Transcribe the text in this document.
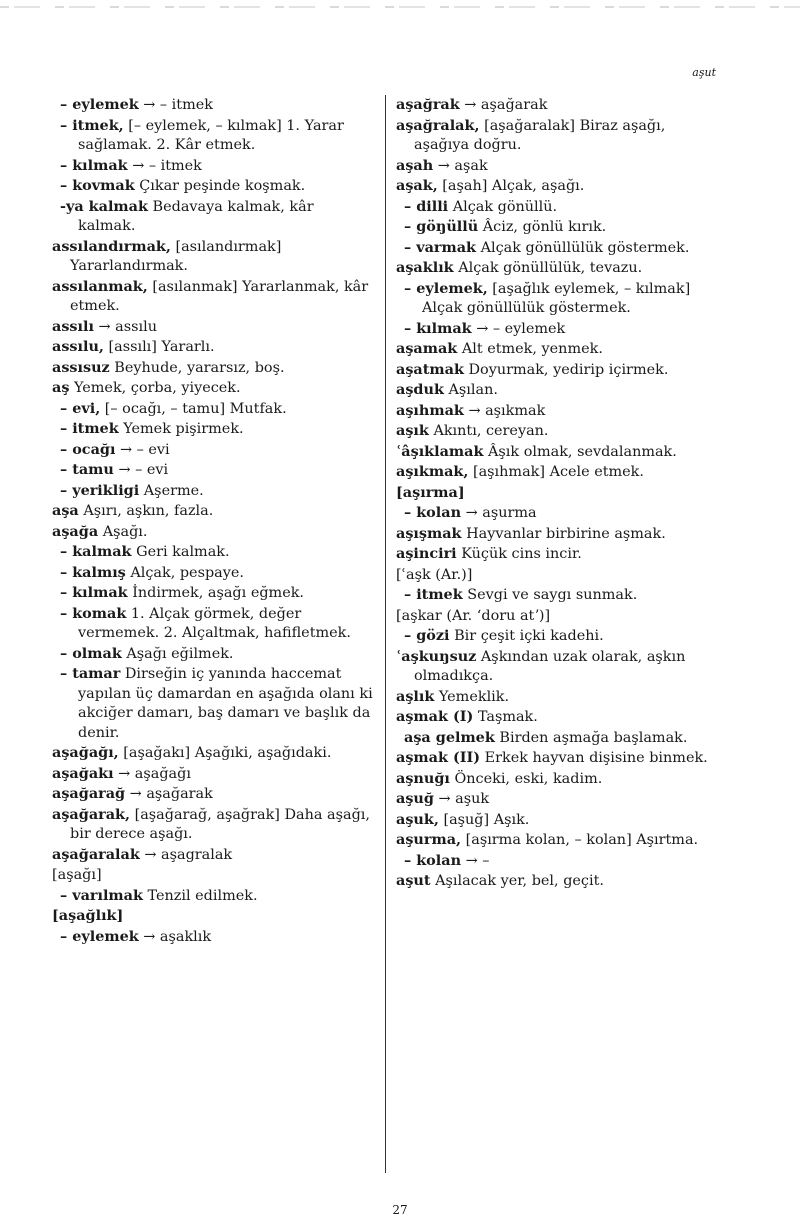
aşut

– eylemek → – itmek

– itmek, [– eylemek, – kılmak] 1. Yarar sağlamak. 2. Kâr etmek.

– kılmak → – itmek

– kovmak Çıkar peşinde koşmak.

-ya kalmak Bedavaya kalmak, kâr kalmak.

assılandırmak, [asılandırmak] Yararlandırmak.

assılanmak, [asılanmak] Yararlanmak, kâr etmek.

assılı → assılu

assılu, [assılı] Yararlı.

assısuz Beyhude, yararsız, boş.

aş Yemek, çorba, yiyecek.

– evi, [– ocağı, – tamu] Mutfak.

– itmek Yemek pişirmek.

– ocağı → – evi

– tamu → – evi

– yerikligi Aşerme.

aşa Aşırı, aşkın, fazla.

aşağa Aşağı.

– kalmak Geri kalmak.

– kalmış Alçak, pespaye.

– kılmak İndirmek, aşağı eğmek.

– komak 1. Alçak görmek, değer vermemek. 2. Alçaltmak, hafifletmek.

– olmak Aşağı eğilmek.

– tamar Dirseğin iç yanında haccemat yapılan üç damardan en aşağıda olanı ki akciğer damarı, baş damarı ve başlık da denir.

aşağağı, [aşağakı] Aşağıki, aşağıdaki.

aşağakı → aşağağı

aşağarağ → aşağarak

aşağarak, [aşağarağ, aşağrak] Daha aşağı, bir derece aşağı.

aşağaralak → aşagralak

[aşağı]

– varılmak Tenzil edilmek.

[aşağlık]

– eylemek → aşaklık

aşağrak → aşağarak

aşağralak, [aşağaralak] Biraz aşağı, aşağıya doğru.

aşah → aşak

aşak, [aşah] Alçak, aşağı.

– dilli Alçak gönüllü.

– göŋüllü Âciz, gönlü kırık.

– varmak Alçak gönüllülük göstermek.

aşaklık Alçak gönüllülük, tevazu.

– eylemek, [aşağlık eylemek, – kılmak] Alçak gönüllülük göstermek.

– kılmak → – eylemek

aşamak Alt etmek, yenmek.

aşatmak Doyurmak, yedirip içirmek.

aşduk Aşılan.

aşıhmak → aşıkmak

aşık Akıntı, cereyan.

ʿâşıklamak Âşık olmak, sevdalanmak.

aşıkmak, [aşıhmak] Acele etmek.

[aşırma]

– kolan → aşurma

aşışmak Hayvanlar birbirine aşmak.

aşinciri Küçük cins incir.

[ʿaşk (Ar.)]

– itmek Sevgi ve saygı sunmak.

[aşkar (Ar. ʻdoru atʼ)]

– gözi Bir çeşit içki kadehi.

ʿaşkuŋsuz Aşkından uzak olarak, aşkın olmadıkça.

aşlık Yemeklik.

aşmak (I) Taşmak.

aşa gelmek Birden aşmağa başlamak.

aşmak (II) Erkek hayvan dişisine binmek.

aşnuğı Önceki, eski, kadim.

aşuğ → aşuk

aşuk, [aşuğ] Aşık.

aşurma, [aşırma kolan, – kolan] Aşırtma.

– kolan → –

aşut Aşılacak yer, bel, geçit.

27
